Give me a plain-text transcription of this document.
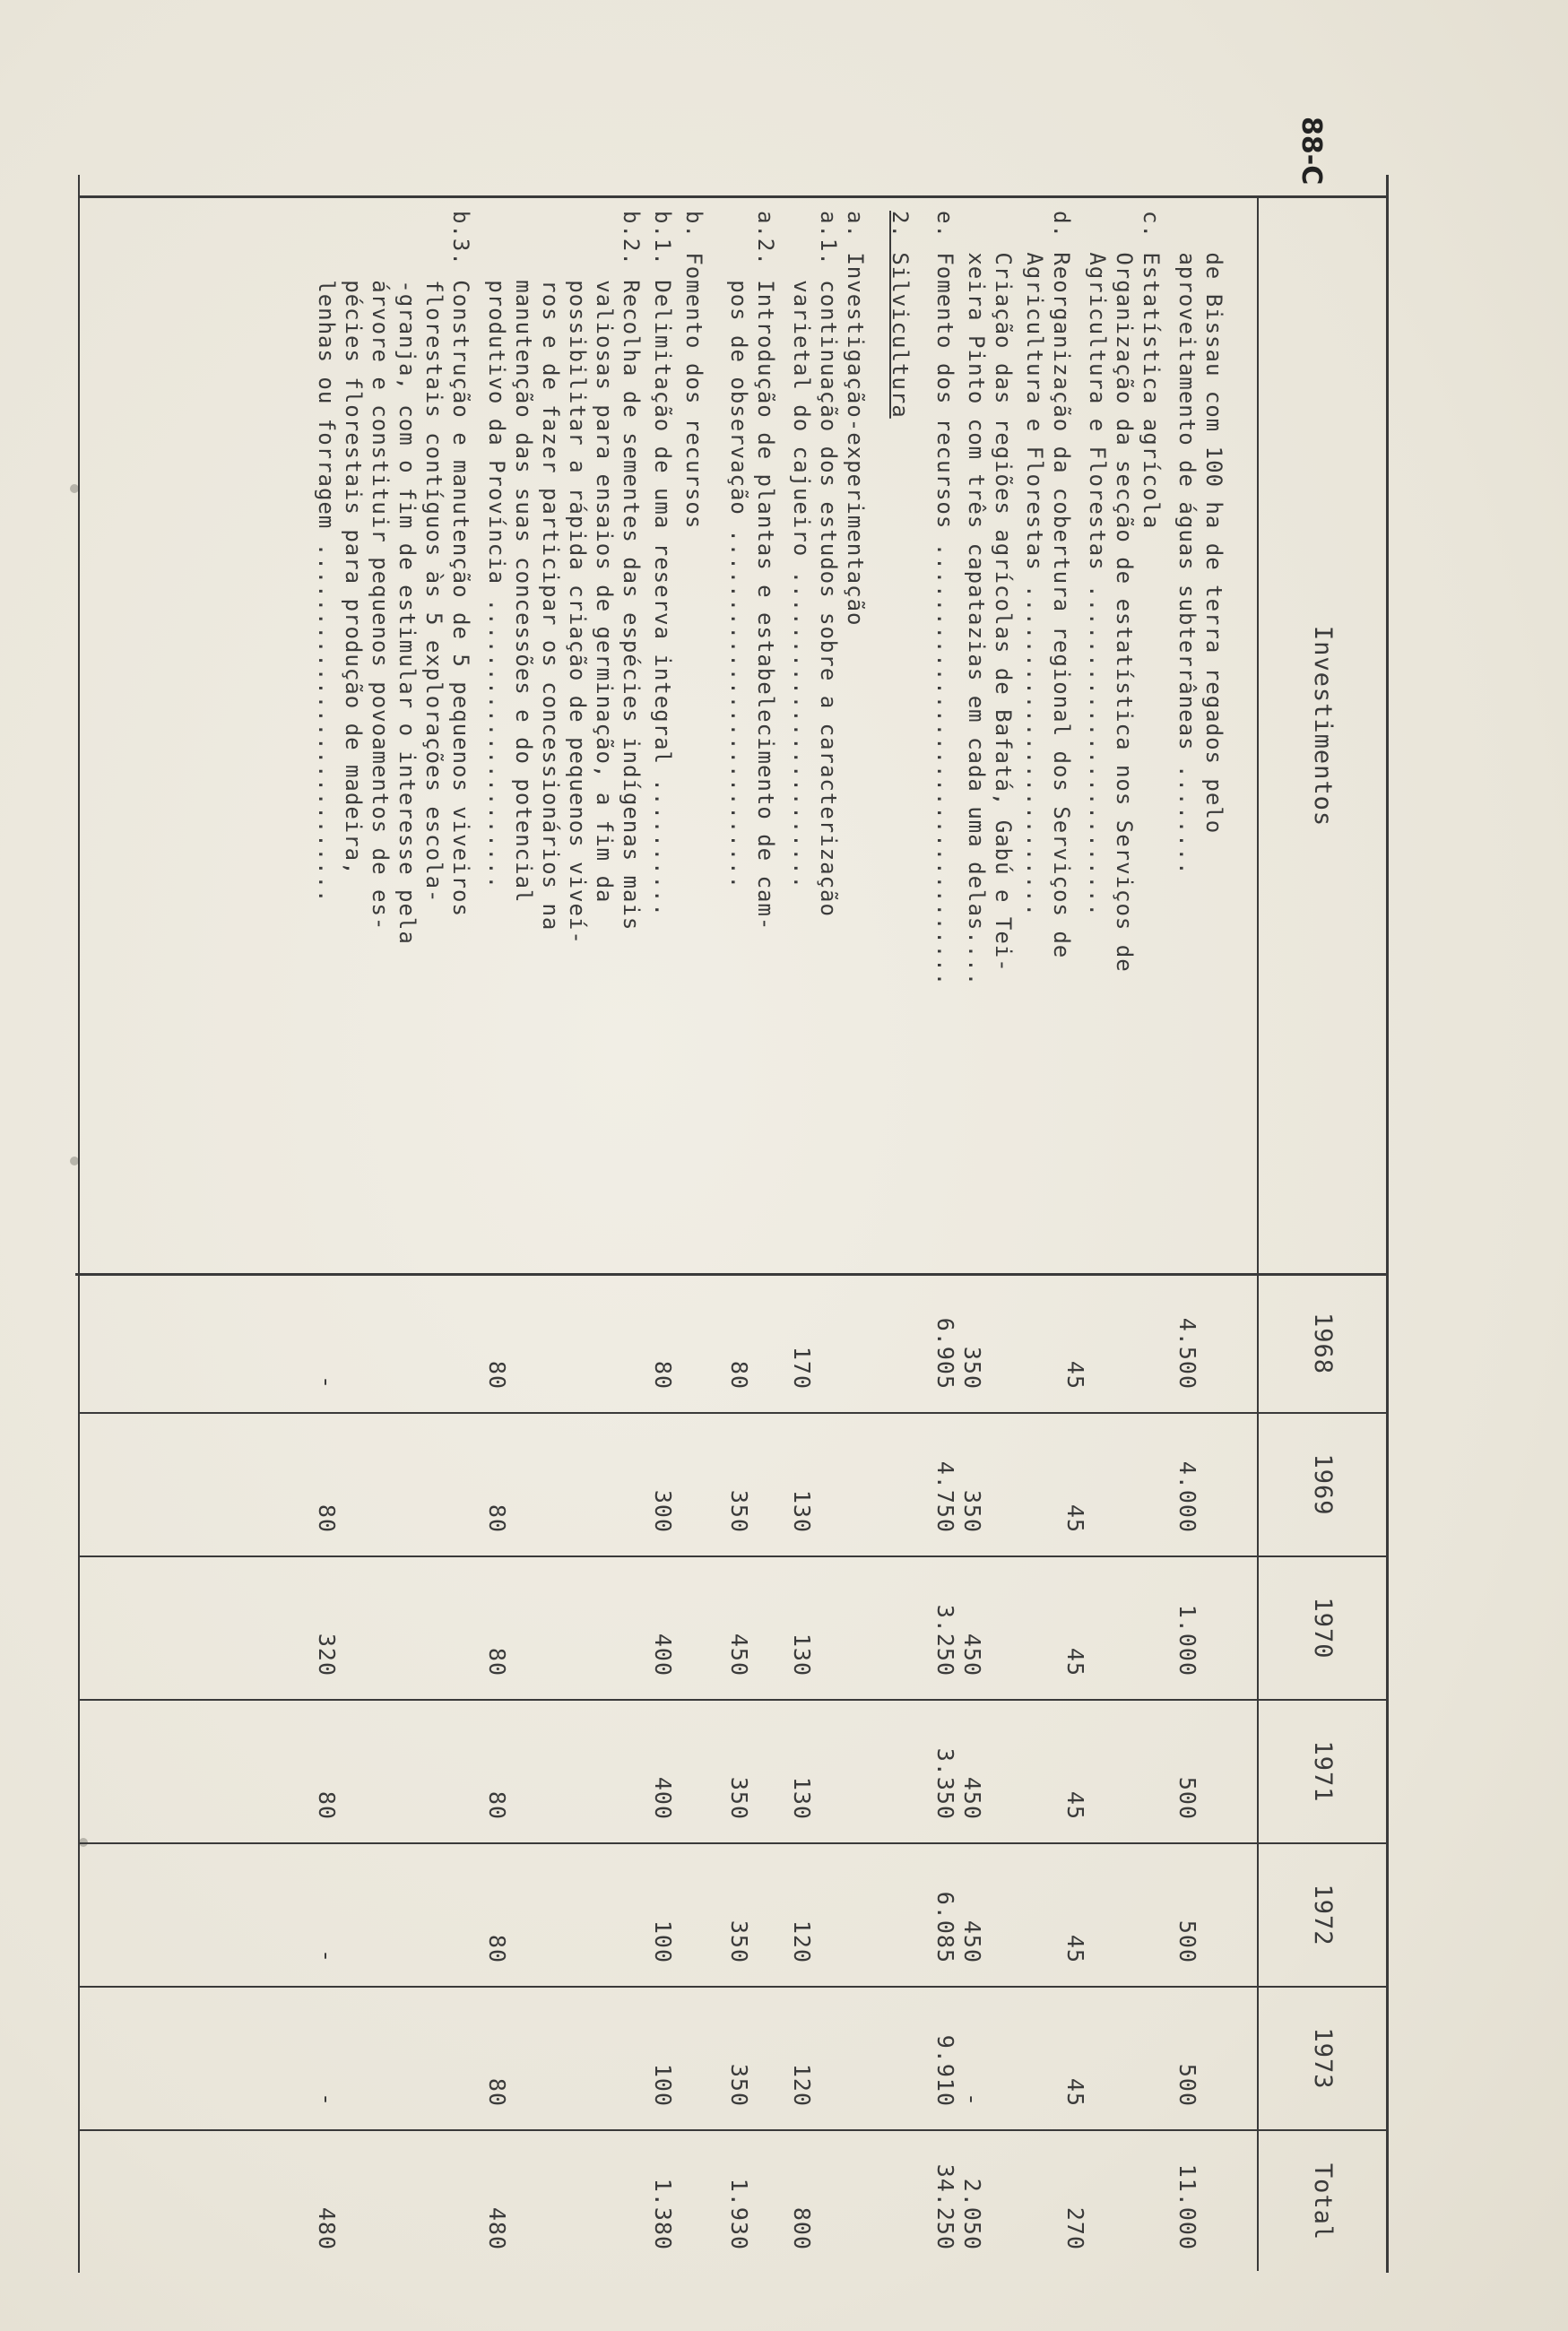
88-C
Investimentos
1968
1969
1970
1971
1972
1973
Total
de Bissau com 100 ha de terra regados pelo
aproveitamento de águas subterrâneas ........
c. Estatística agrícola
Organização da secção de estatística nos Serviços de
Agricultura e Florestas ........................
d. Reorganização da cobertura regional dos Serviços de
Agricultura e Florestas ........................
Criação das regiões agrícolas de Bafatá, Gabú e Tei-
xeira Pinto com três capatazias em cada uma delas....
e. Fomento dos recursos ................................
2. Silvicultura
a. Investigação-experimentação
a.1. continuação dos estudos sobre a caracterização
varietal do cajueiro .......................
a.2. Introdução de plantas e estabelecimento de cam-
pos de observação ..........................
b. Fomento dos recursos
b.1. Delimitação de uma reserva integral ..........
b.2. Recolha de sementes das espécies indígenas mais
valiosas para ensaios de germinação, a fim da
possibilitar a rápida criação de pequenos viveí-
ros e de fazer participar os concessionários na
manutenção das suas concessões e do potencial
produtivo da Província .....................
b.3. Construção e manutenção de 5 pequenos viveiros
florestais contíguos às 5 explorações escola-
-granja, com o fim de estimular o interesse pela
árvore e constituir pequenos povoamentos de es-
pécies florestais para produção de madeira,
lenhas ou forragem ..........................
4.500
4.000
1.000
500
500
500
11.000
45
45
45
45
45
45
270
350
350
450
450
450
-
2.050
6.905
4.750
3.250
3.350
6.085
9.910
34.250
170
130
130
130
120
120
800
80
350
450
350
350
350
1.930
80
300
400
400
100
100
1.380
80
80
80
80
80
80
480
-
80
320
80
-
-
480
